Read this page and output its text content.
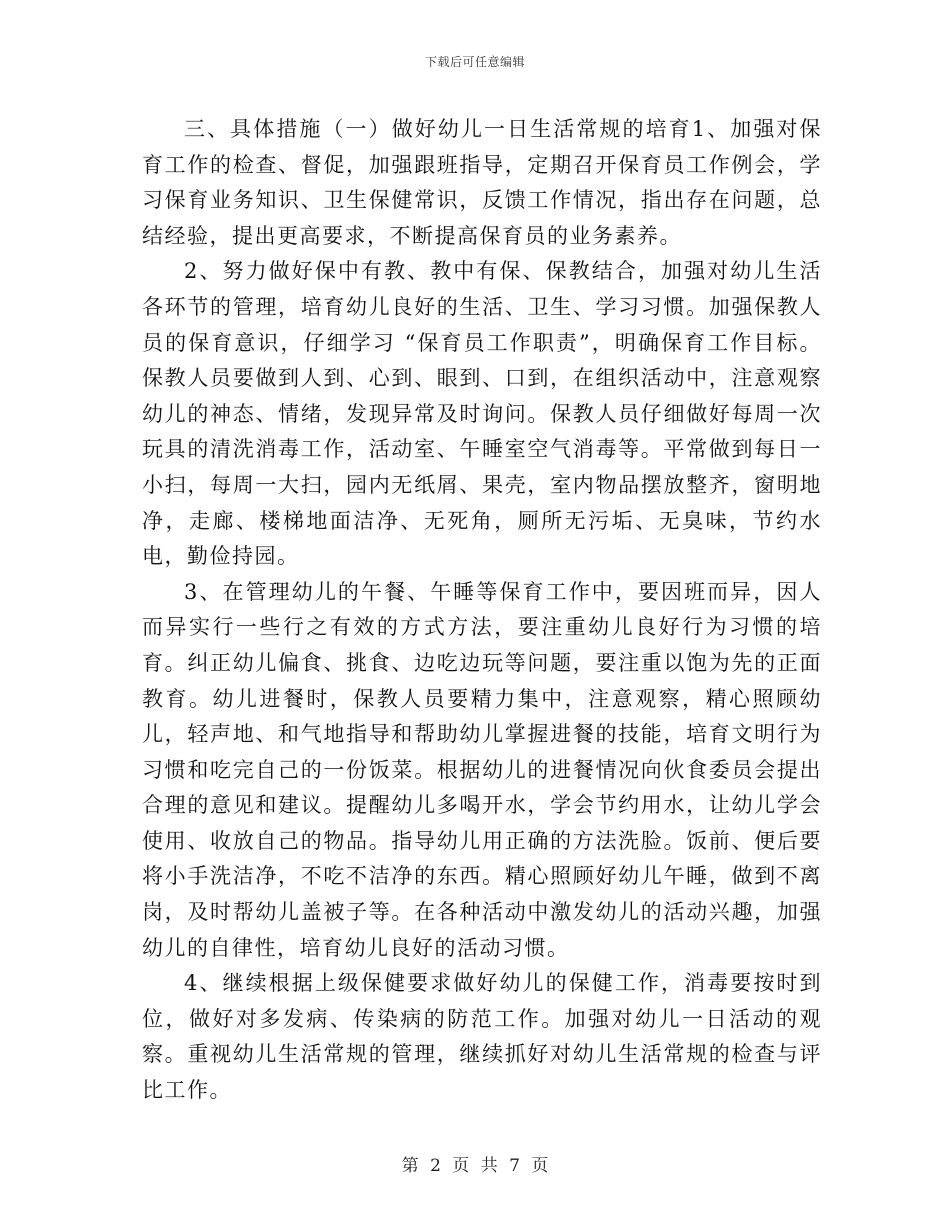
下载后可任意编辑

三、具体措施（一）做好幼儿一日生活常规的培育1、加强对保育工作的检查、督促，加强跟班指导，定期召开保育员工作例会，学习保育业务知识、卫生保健常识，反馈工作情况，指出存在问题，总结经验，提出更高要求，不断提高保育员的业务素养。

2、努力做好保中有教、教中有保、保教结合，加强对幼儿生活各环节的管理，培育幼儿良好的生活、卫生、学习习惯。加强保教人员的保育意识，仔细学习 “保育员工作职责”，明确保育工作目标。保教人员要做到人到、心到、眼到、口到，在组织活动中，注意观察幼儿的神态、情绪，发现异常及时询问。保教人员仔细做好每周一次玩具的清洗消毒工作，活动室、午睡室空气消毒等。平常做到每日一小扫，每周一大扫，园内无纸屑、果壳，室内物品摆放整齐，窗明地净，走廊、楼梯地面洁净、无死角，厕所无污垢、无臭味，节约水电，勤俭持园。

3、在管理幼儿的午餐、午睡等保育工作中，要因班而异，因人而异实行一些行之有效的方式方法，要注重幼儿良好行为习惯的培育。纠正幼儿偏食、挑食、边吃边玩等问题，要注重以饱为先的正面教育。幼儿进餐时，保教人员要精力集中，注意观察，精心照顾幼儿，轻声地、和气地指导和帮助幼儿掌握进餐的技能，培育文明行为习惯和吃完自己的一份饭菜。根据幼儿的进餐情况向伙食委员会提出合理的意见和建议。提醒幼儿多喝开水，学会节约用水，让幼儿学会使用、收放自己的物品。指导幼儿用正确的方法洗脸。饭前、便后要将小手洗洁净，不吃不洁净的东西。精心照顾好幼儿午睡，做到不离岗，及时帮幼儿盖被子等。在各种活动中激发幼儿的活动兴趣，加强幼儿的自律性，培育幼儿良好的活动习惯。

4、继续根据上级保健要求做好幼儿的保健工作，消毒要按时到位，做好对多发病、传染病的防范工作。加强对幼儿一日活动的观察。重视幼儿生活常规的管理，继续抓好对幼儿生活常规的检查与评比工作。

第 2 页 共 7 页
